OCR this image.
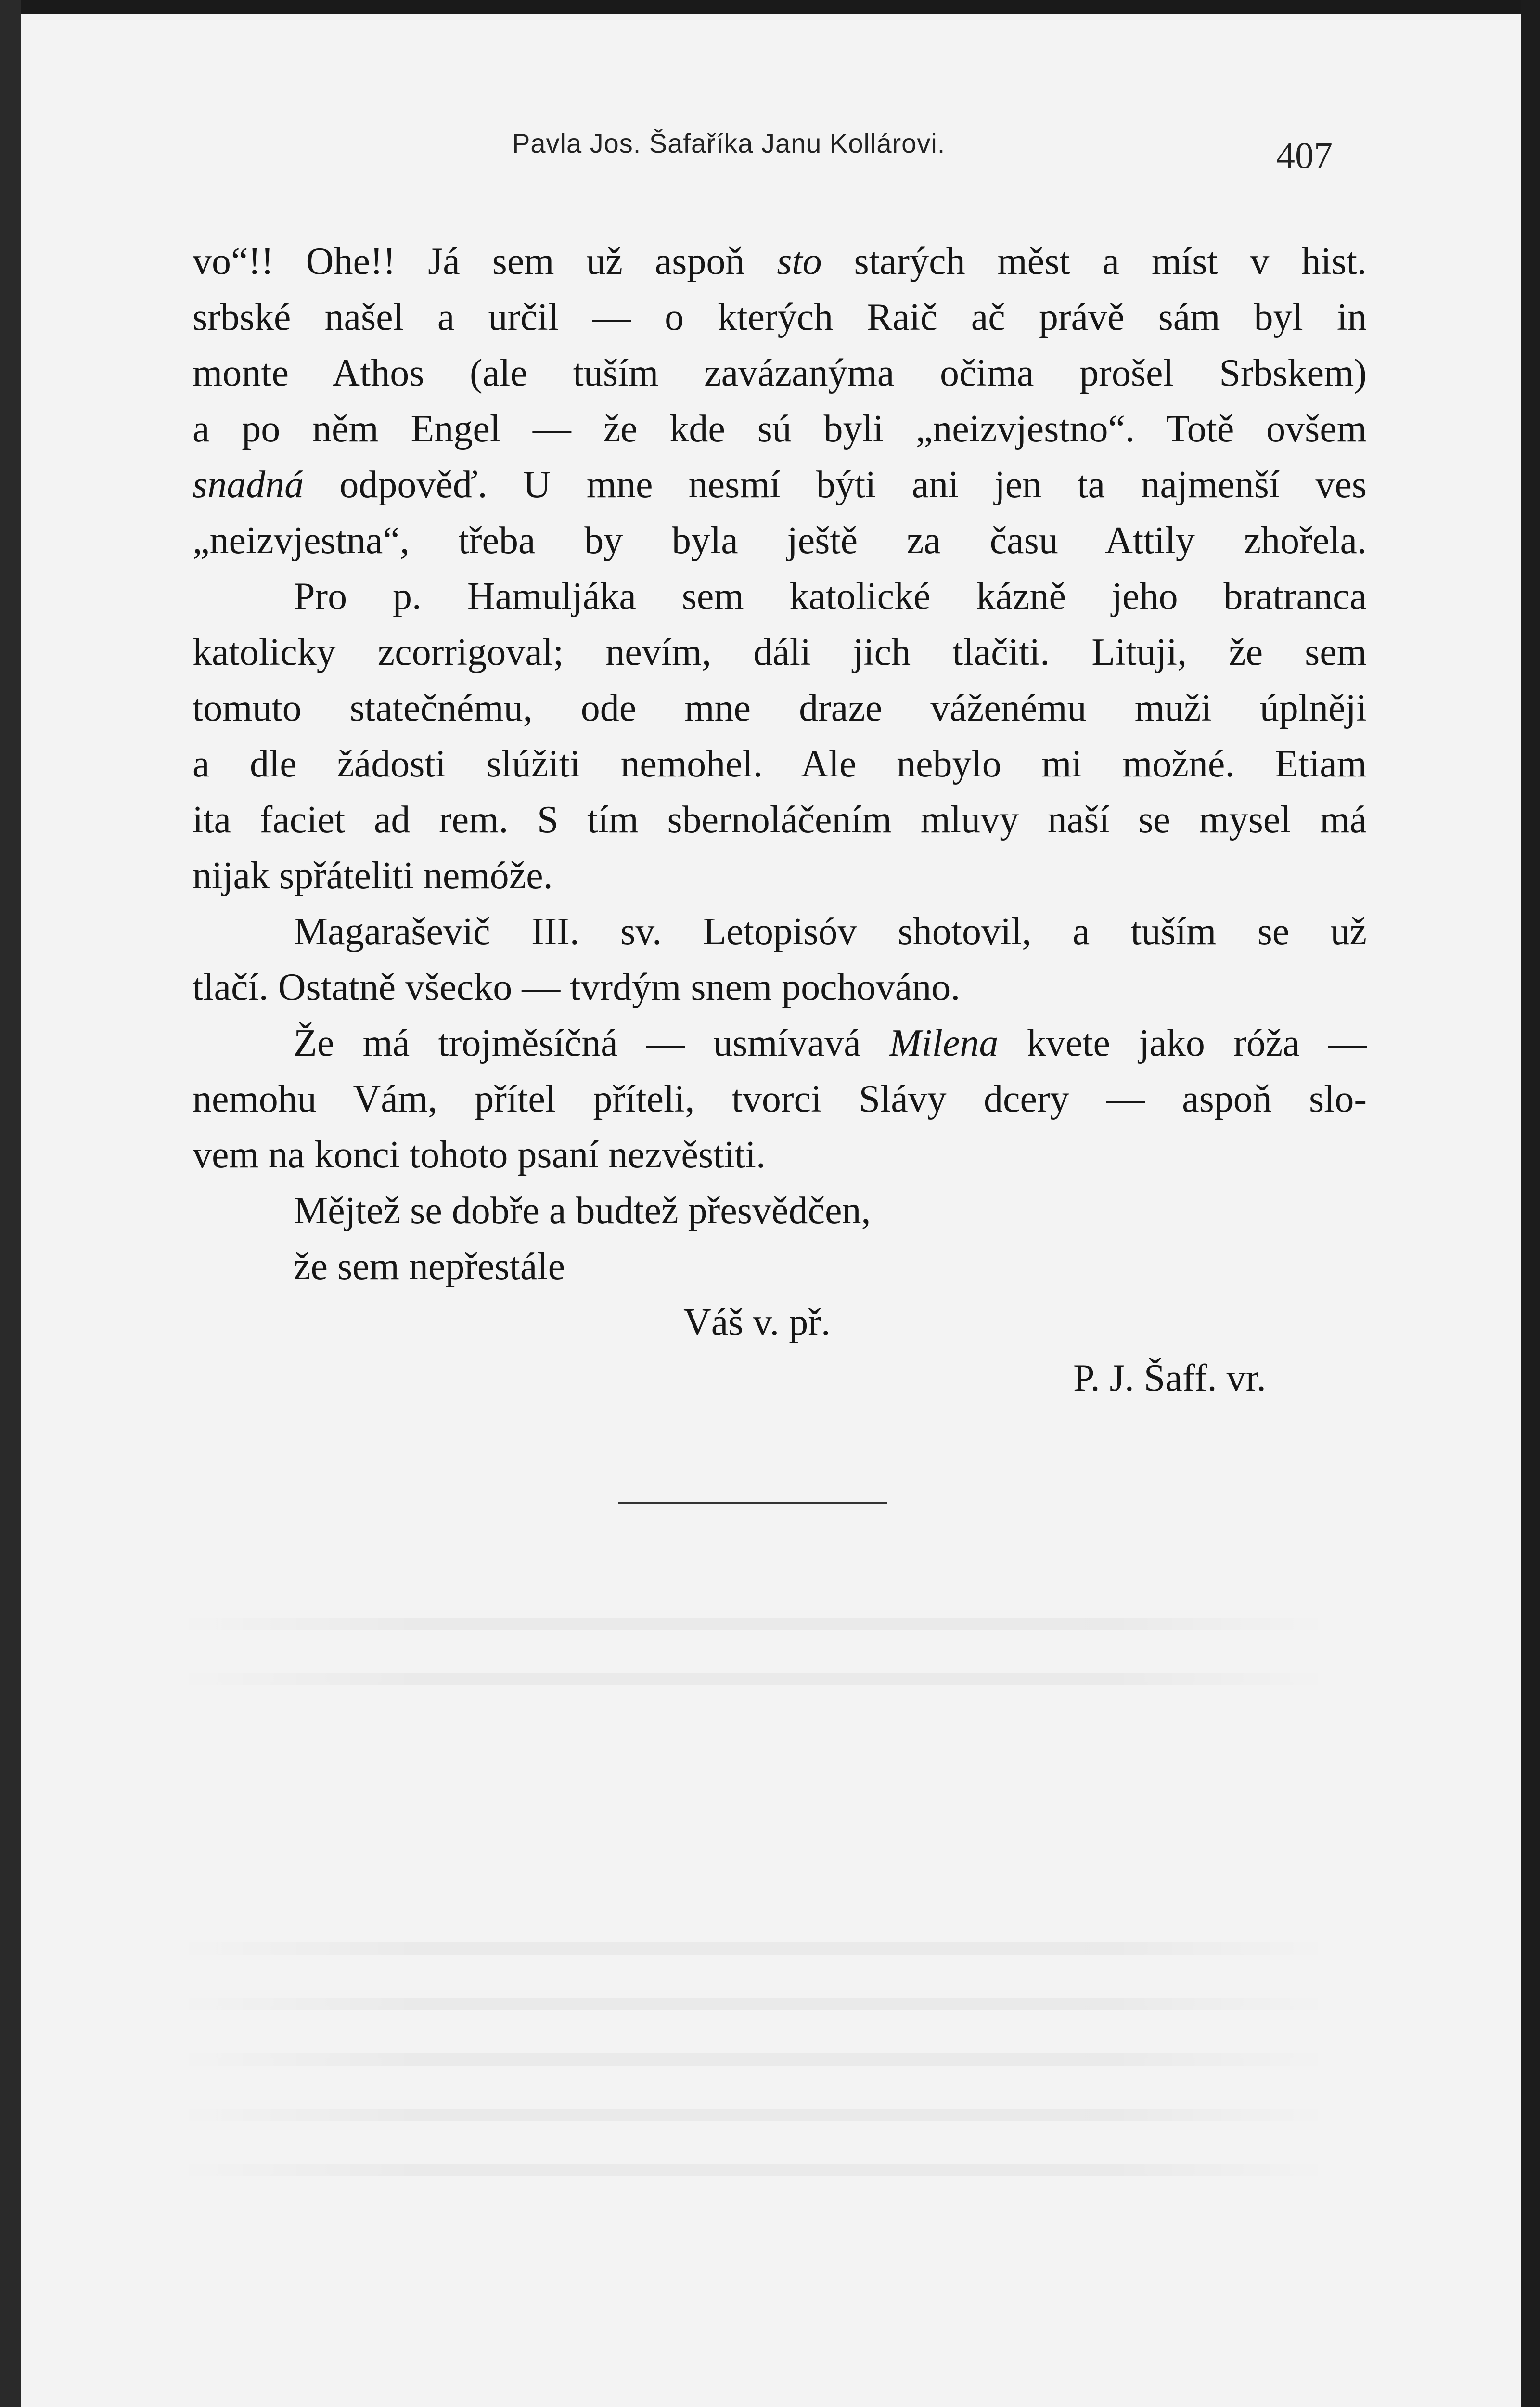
Pavla Jos. Šafaříka Janu Kollárovi.	407
vo“!! Ohe!! Já sem už aspoň sto starých měst a míst v hist.
srbské našel a určil — o kterých Raič ač právě sám byl in
monte Athos (ale tuším zavázanýma očima prošel Srbskem)
a po něm Engel — že kde sú byli „neizvjestno“. Totě ovšem
snadná odpověď. U mne nesmí býti ani jen ta najmenší ves
„neizvjestna“, třeba by byla ještě za času Attily zhořela.
Pro p. Hamuljáka sem katolické kázně jeho bratranca
katolicky zcorrigoval; nevím, dáli jich tlačiti. Lituji, že sem
tomuto statečnému, ode mne draze váženému muži úplněji
a dle žádosti slúžiti nemohel. Ale nebylo mi možné. Etiam
ita faciet ad rem. S tím sbernoláčením mluvy naší se mysel má
nijak spřáteliti nemóže.
Magaraševič III. sv. Letopisóv shotovil, a tuším se už
tlačí. Ostatně všecko — tvrdým snem pochováno.
Že má trojměsíčná — usmívavá Milena kvete jako róža —
nemohu Vám, přítel příteli, tvorci Slávy dcery — aspoň slo-
vem na konci tohoto psaní nezvěstiti.
Mějtež se dobře a budtež přesvědčen,
že sem nepřestále
Váš v. př.
P. J. Šaff. vr.
